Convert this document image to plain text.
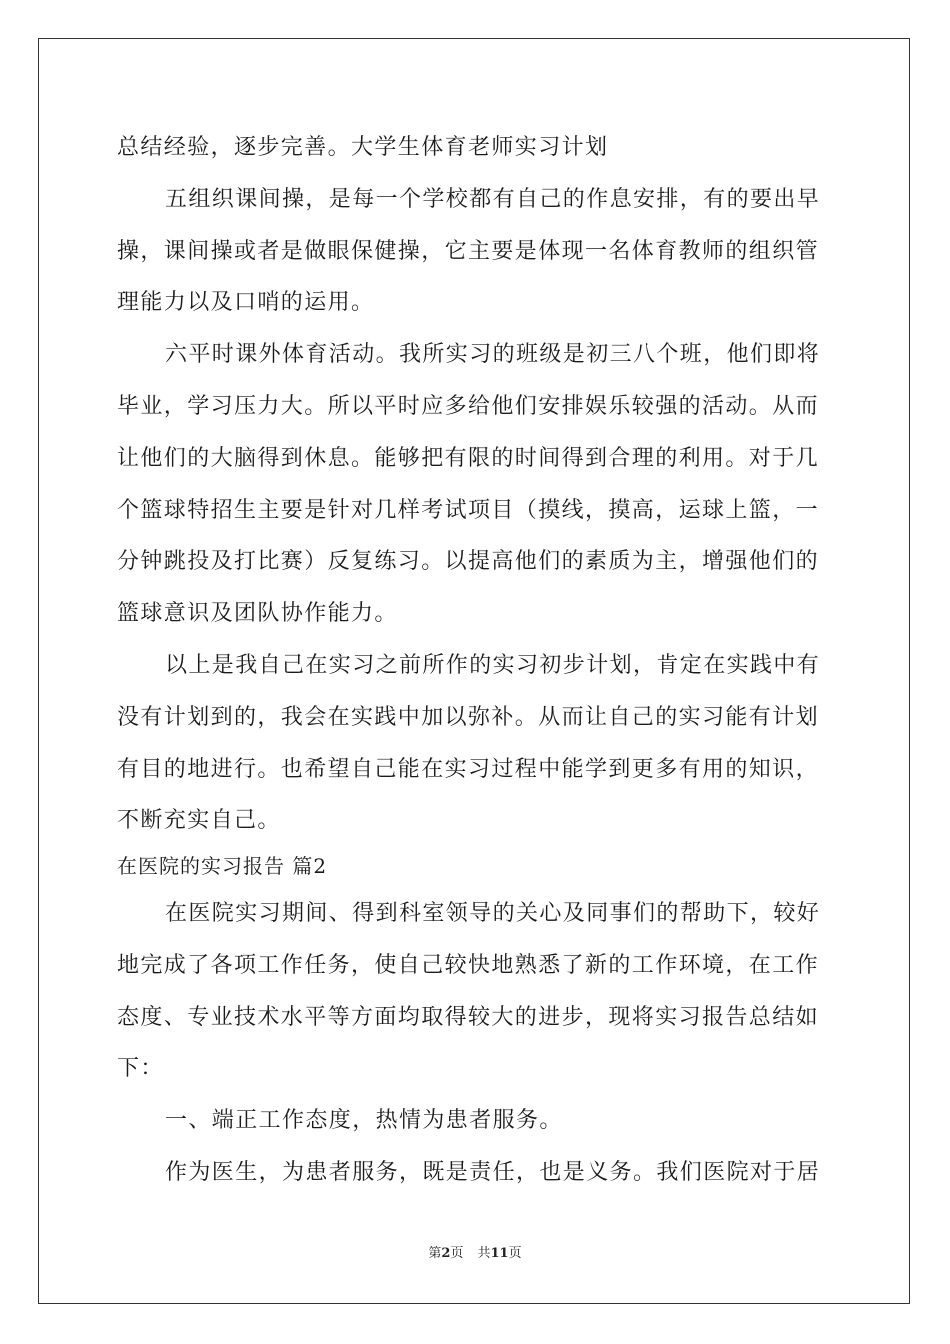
总结经验，逐步完善。大学生体育老师实习计划
五组织课间操，是每一个学校都有自己的作息安排，有的要出早
操，课间操或者是做眼保健操，它主要是体现一名体育教师的组织管
理能力以及口哨的运用。
六平时课外体育活动。我所实习的班级是初三八个班，他们即将
毕业，学习压力大。所以平时应多给他们安排娱乐较强的活动。从而
让他们的大脑得到休息。能够把有限的时间得到合理的利用。对于几
个篮球特招生主要是针对几样考试项目（摸线，摸高，运球上篮，一
分钟跳投及打比赛）反复练习。以提高他们的素质为主，增强他们的
篮球意识及团队协作能力。
以上是我自己在实习之前所作的实习初步计划，肯定在实践中有
没有计划到的，我会在实践中加以弥补。从而让自己的实习能有计划
有目的地进行。也希望自己能在实习过程中能学到更多有用的知识，
不断充实自己。
在医院的实习报告 篇2
在医院实习期间、得到科室领导的关心及同事们的帮助下，较好
地完成了各项工作任务，使自己较快地熟悉了新的工作环境，在工作
态度、专业技术水平等方面均取得较大的进步，现将实习报告总结如
下：
一、端正工作态度，热情为患者服务。
作为医生，为患者服务，既是责任，也是义务。我们医院对于居
第2页 共11页
